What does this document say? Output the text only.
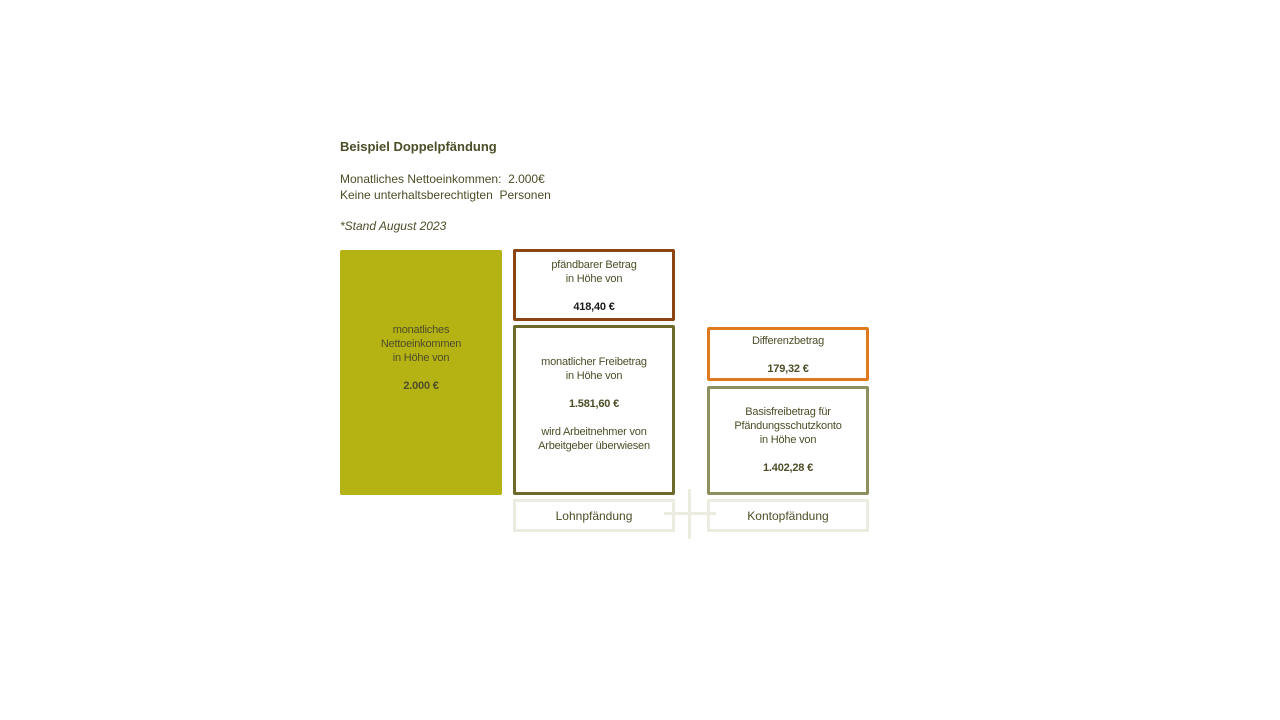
Beispiel Doppelpfändung
Monatliches Nettoeinkommen:  2.000€
Keine unterhaltsberechtigten  Personen
*Stand August 2023
monatliches
Nettoeinkommen
in Höhe von
2.000 €
pfändbarer Betrag
in Höhe von
418,40 €
monatlicher Freibetrag
in Höhe von
1.581,60 €
wird Arbeitnehmer von
Arbeitgeber überwiesen
Differenzbetrag
179,32 €
Basisfreibetrag für
Pfändungsschutzkonto
in Höhe von
1.402,28 €
Lohnpfändung	Kontopfändung
